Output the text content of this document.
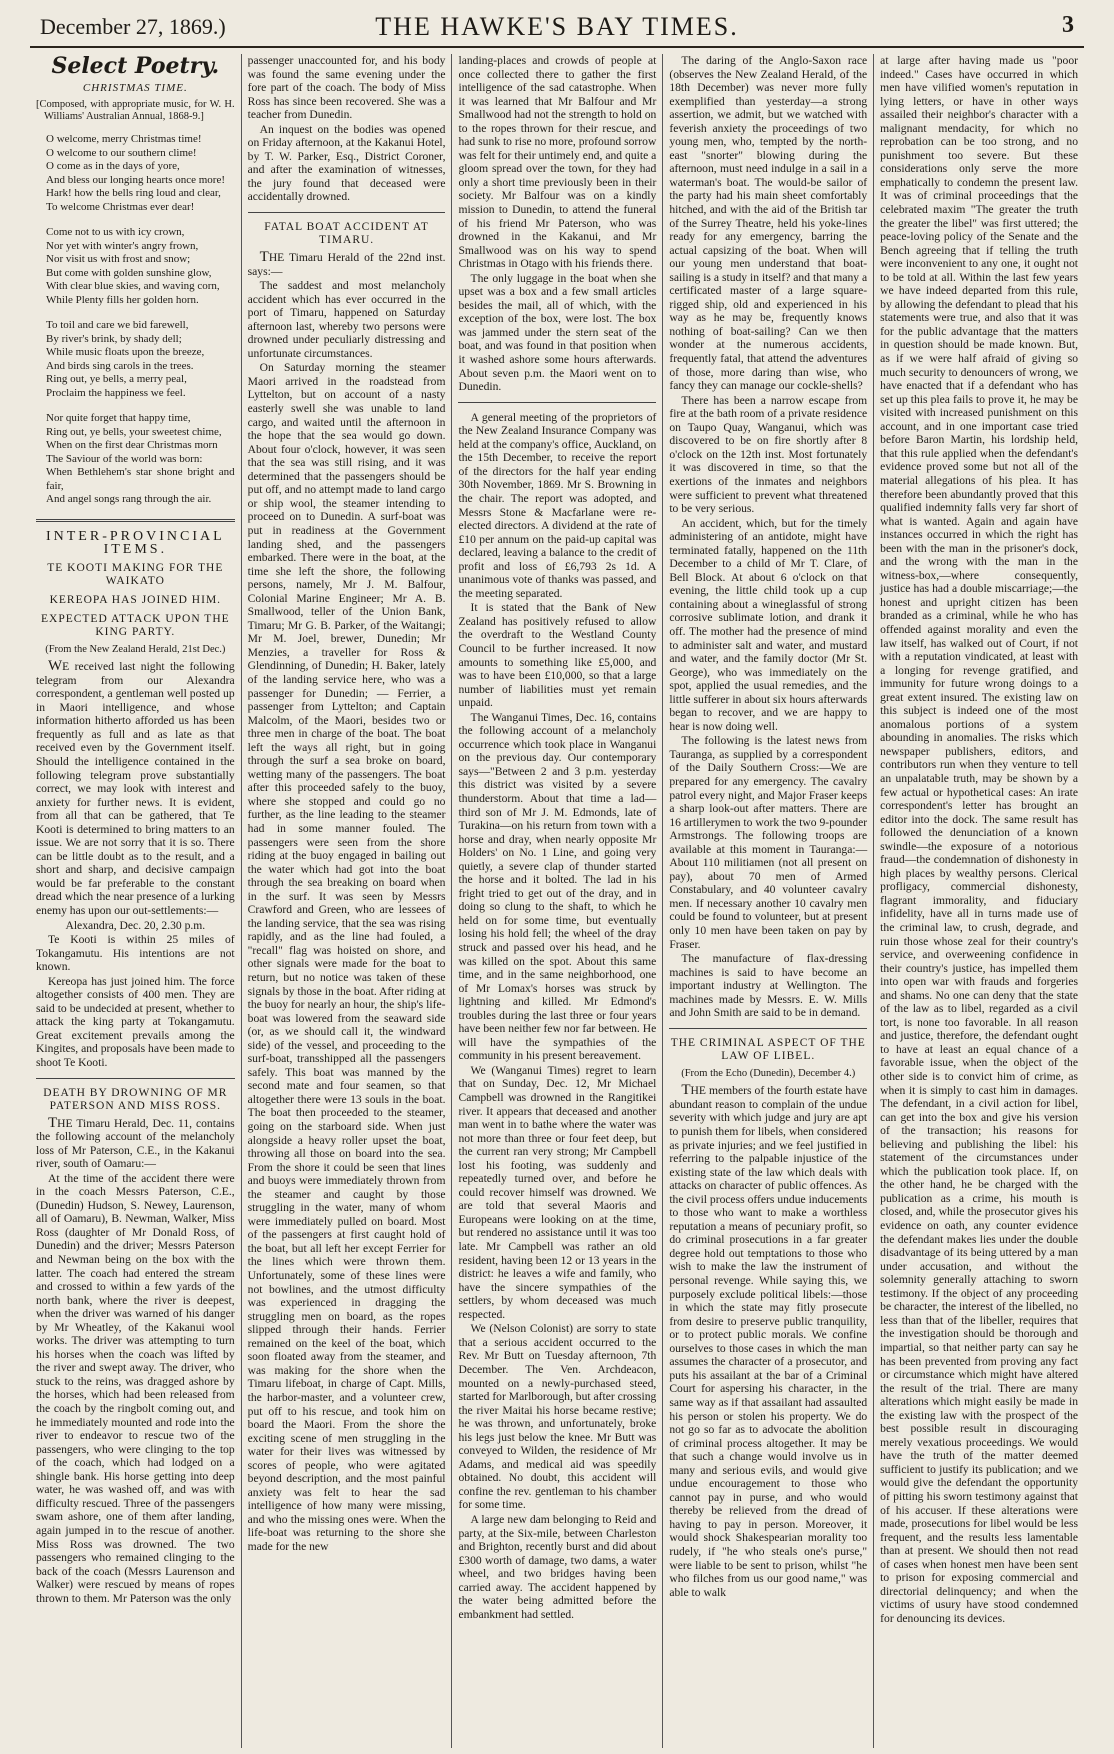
December 27, 1869.)	THE HAWKE'S BAY TIMES.	3
Select Poetry.
CHRISTMAS TIME.
[Composed, with appropriate music, for W. H. Williams' Australian Annual, 1868-9.]
O welcome, merry Christmas time!
O welcome to our southern clime!
O come as in the days of yore,
And bless our longing hearts once more!
Hark! how the bells ring loud and clear,
To welcome Christmas ever dear!
Come not to us with icy crown,
Nor yet with winter's angry frown,
Nor visit us with frost and snow;
But come with golden sunshine glow,
With clear blue skies, and waving corn,
While Plenty fills her golden horn.
To toil and care we bid farewell,
By river's brink, by shady dell;
While music floats upon the breeze,
And birds sing carols in the trees.
Ring out, ye bells, a merry peal,
Proclaim the happiness we feel.
Nor quite forget that happy time,
Ring out, ye bells, your sweetest chime,
When on the first dear Christmas morn
The Saviour of the world was born:
When Bethlehem's star shone bright and fair,
And angel songs rang through the air.
INTER-PROVINCIAL ITEMS.
TE KOOTI MAKING FOR THE WAIKATO
KEREOPA HAS JOINED HIM.
EXPECTED ATTACK UPON THE KING PARTY.
(From the New Zealand Herald, 21st Dec.)

WE received last night the following telegram from our Alexandra correspondent, a gentleman well posted up in Maori intelligence, and whose information hitherto afforded us has been frequently as full and as late as that received even by the Government itself. Should the intelligence contained in the following telegram prove substantially correct, we may look with interest and anxiety for further news. It is evident, from all that can be gathered, that Te Kooti is determined to bring matters to an issue. We are not sorry that it is so. There can be little doubt as to the result, and a short and sharp, and decisive campaign would be far preferable to the constant dread which the near presence of a lurking enemy has upon our out-settlements:—

Alexandra, Dec. 20, 2.30 p.m.

Te Kooti is within 25 miles of Tokangamutu. His intentions are not known.

Kereopa has just joined him. The force altogether consists of 400 men. They are said to be undecided at present, whether to attack the king party at Tokangamutu. Great excitement prevails among the Kingites, and proposals have been made to shoot Te Kooti.

DEATH BY DROWNING OF MR PATERSON AND MISS ROSS.

THE Timaru Herald, Dec. 11, contains the following account of the melancholy loss of Mr Paterson, C.E., in the Kakanui river, south of Oamaru:—

At the time of the accident there were in the coach Messrs Paterson, C.E., (Dunedin) Hudson, S. Newey, Laurenson, all of Oamaru), B. Newman, Walker, Miss Ross (daughter of Mr Donald Ross, of Dunedin) and the driver; Messrs Paterson and Newman being on the box with the latter. The coach had entered the stream and crossed to within a few yards of the north bank, where the river is deepest, when the driver was warned of his danger by Mr Wheatley, of the Kakanui wool works. The driver was attempting to turn his horses when the coach was lifted by the river and swept away. The driver, who stuck to the reins, was dragged ashore by the horses, which had been released from the coach by the ringbolt coming out, and he immediately mounted and rode into the river to endeavor to rescue two of the passengers, who were clinging to the top of the coach, which had lodged on a shingle bank. His horse getting into deep water, he was washed off, and was with difficulty rescued. Three of the passengers swam ashore, one of them after landing, again jumped in to the rescue of another. Miss Ross was drowned. The two passengers who remained clinging to the back of the coach (Messrs Laurenson and Walker) were rescued by means of ropes thrown to them. Mr Paterson was the only

passenger unaccounted for, and his body was found the same evening under the fore part of the coach. The body of Miss Ross has since been recovered. She was a teacher from Dunedin.

An inquest on the bodies was opened on Friday afternoon, at the Kakanui Hotel, by T. W. Parker, Esq., District Coroner, and after the examination of witnesses, the jury found that deceased were accidentally drowned.

FATAL BOAT ACCIDENT AT TIMARU.

THE Timaru Herald of the 22nd inst. says:—

The saddest and most melancholy accident which has ever occurred in the port of Timaru, happened on Saturday afternoon last, whereby two persons were drowned under peculiarly distressing and unfortunate circumstances.

On Saturday morning the steamer Maori arrived in the roadstead from Lyttelton, but on account of a nasty easterly swell she was unable to land cargo, and waited until the afternoon in the hope that the sea would go down. About four o'clock, however, it was seen that the sea was still rising, and it was determined that the passengers should be put off, and no attempt made to land cargo or ship wool, the steamer intending to proceed on to Dunedin. A surf-boat was put in readiness at the Government landing shed, and the passengers embarked. There were in the boat, at the time she left the shore, the following persons, namely, Mr J. M. Balfour, Colonial Marine Engineer; Mr A. B. Smallwood, teller of the Union Bank, Timaru; Mr G. B. Parker, of the Waitangi; Mr M. Joel, brewer, Dunedin; Mr Menzies, a traveller for Ross & Glendinning, of Dunedin; H. Baker, lately of the landing service here, who was a passenger for Dunedin; — Ferrier, a passenger from Lyttelton; and Captain Malcolm, of the Maori, besides two or three men in charge of the boat. The boat left the ways all right, but in going through the surf a sea broke on board, wetting many of the passengers. The boat after this proceeded safely to the buoy, where she stopped and could go no further, as the line leading to the steamer had in some manner fouled. The passengers were seen from the shore riding at the buoy engaged in bailing out the water which had got into the boat through the sea breaking on board when in the surf. It was seen by Messrs Crawford and Green, who are lessees of the landing service, that the sea was rising rapidly, and as the line had fouled, a "recall" flag was hoisted on shore, and other signals were made for the boat to return, but no notice was taken of these signals by those in the boat. After riding at the buoy for nearly an hour, the ship's life-boat was lowered from the seaward side (or, as we should call it, the windward side) of the vessel, and proceeding to the surf-boat, transshipped all the passengers safely. This boat was manned by the second mate and four seamen, so that altogether there were 13 souls in the boat. The boat then proceeded to the steamer, going on the starboard side. When just alongside a heavy roller upset the boat, throwing all those on board into the sea. From the shore it could be seen that lines and buoys were immediately thrown from the steamer and caught by those struggling in the water, many of whom were immediately pulled on board. Most of the passengers at first caught hold of the boat, but all left her except Ferrier for the lines which were thrown them. Unfortunately, some of these lines were not bowlines, and the utmost difficulty was experienced in dragging the struggling men on board, as the ropes slipped through their hands. Ferrier remained on the keel of the boat, which soon floated away from the steamer, and was making for the shore when the Timaru lifeboat, in charge of Capt. Mills, the harbor-master, and a volunteer crew, put off to his rescue, and took him on board the Maori. From the shore the exciting scene of men struggling in the water for their lives was witnessed by scores of people, who were agitated beyond description, and the most painful anxiety was felt to hear the sad intelligence of how many were missing, and who the missing ones were. When the life-boat was returning to the shore she made for the new

landing-places and crowds of people at once collected there to gather the first intelligence of the sad catastrophe. When it was learned that Mr Balfour and Mr Smallwood had not the strength to hold on to the ropes thrown for their rescue, and had sunk to rise no more, profound sorrow was felt for their untimely end, and quite a gloom spread over the town, for they had only a short time previously been in their society. Mr Balfour was on a kindly mission to Dunedin, to attend the funeral of his friend Mr Paterson, who was drowned in the Kakanui, and Mr Smallwood was on his way to spend Christmas in Otago with his friends there.

The only luggage in the boat when she upset was a box and a few small articles besides the mail, all of which, with the exception of the box, were lost. The box was jammed under the stern seat of the boat, and was found in that position when it washed ashore some hours afterwards. About seven p.m. the Maori went on to Dunedin.

A general meeting of the proprietors of the New Zealand Insurance Company was held at the company's office, Auckland, on the 15th December, to receive the report of the directors for the half year ending 30th November, 1869. Mr S. Browning in the chair. The report was adopted, and Messrs Stone & Macfarlane were re-elected directors. A dividend at the rate of £10 per annum on the paid-up capital was declared, leaving a balance to the credit of profit and loss of £6,793 2s 1d. A unanimous vote of thanks was passed, and the meeting separated.

It is stated that the Bank of New Zealand has positively refused to allow the overdraft to the Westland County Council to be further increased. It now amounts to something like £5,000, and was to have been £10,000, so that a large number of liabilities must yet remain unpaid.

The Wanganui Times, Dec. 16, contains the following account of a melancholy occurrence which took place in Wanganui on the previous day. Our contemporary says—"Between 2 and 3 p.m. yesterday this district was visited by a severe thunderstorm. About that time a lad—third son of Mr J. M. Edmonds, late of Turakina—on his return from town with a horse and dray, when nearly opposite Mr Holders' on No. 1 Line, and going very quietly, a severe clap of thunder started the horse and it bolted. The lad in his fright tried to get out of the dray, and in doing so clung to the shaft, to which he held on for some time, but eventually losing his hold fell; the wheel of the dray struck and passed over his head, and he was killed on the spot. About this same time, and in the same neighborhood, one of Mr Lomax's horses was struck by lightning and killed. Mr Edmond's troubles during the last three or four years have been neither few nor far between. He will have the sympathies of the community in his present bereavement.

We (Wanganui Times) regret to learn that on Sunday, Dec. 12, Mr Michael Campbell was drowned in the Rangitikei river. It appears that deceased and another man went in to bathe where the water was not more than three or four feet deep, but the current ran very strong; Mr Campbell lost his footing, was suddenly and repeatedly turned over, and before he could recover himself was drowned. We are told that several Maoris and Europeans were looking on at the time, but rendered no assistance until it was too late. Mr Campbell was rather an old resident, having been 12 or 13 years in the district: he leaves a wife and family, who have the sincere sympathies of the settlers, by whom deceased was much respected.

We (Nelson Colonist) are sorry to state that a serious accident occurred to the Rev. Mr Butt on Tuesday afternoon, 7th December. The Ven. Archdeacon, mounted on a newly-purchased steed, started for Marlborough, but after crossing the river Maitai his horse became restive; he was thrown, and unfortunately, broke his legs just below the knee. Mr Butt was conveyed to Wilden, the residence of Mr Adams, and medical aid was speedily obtained. No doubt, this accident will confine the rev. gentleman to his chamber for some time.

A large new dam belonging to Reid and party, at the Six-mile, between Charleston and Brighton, recently burst and did about £300 worth of damage, two dams, a water wheel, and two bridges having been carried away. The accident happened by the water being admitted before the embankment had settled.

The daring of the Anglo-Saxon race (observes the New Zealand Herald, of the 18th December) was never more fully exemplified than yesterday—a strong assertion, we admit, but we watched with feverish anxiety the proceedings of two young men, who, tempted by the north-east "snorter" blowing during the afternoon, must need indulge in a sail in a waterman's boat. The would-be sailor of the party had his main sheet comfortably hitched, and with the aid of the British tar of the Surrey Theatre, held his yoke-lines ready for any emergency, barring the actual capsizing of the boat. When will our young men understand that boat-sailing is a study in itself? and that many a certificated master of a large square-rigged ship, old and experienced in his way as he may be, frequently knows nothing of boat-sailing? Can we then wonder at the numerous accidents, frequently fatal, that attend the adventures of those, more daring than wise, who fancy they can manage our cockle-shells?

There has been a narrow escape from fire at the bath room of a private residence on Taupo Quay, Wanganui, which was discovered to be on fire shortly after 8 o'clock on the 12th inst. Most fortunately it was discovered in time, so that the exertions of the inmates and neighbors were sufficient to prevent what threatened to be very serious.

An accident, which, but for the timely administering of an antidote, might have terminated fatally, happened on the 11th December to a child of Mr T. Clare, of Bell Block. At about 6 o'clock on that evening, the little child took up a cup containing about a wineglassful of strong corrosive sublimate lotion, and drank it off. The mother had the presence of mind to administer salt and water, and mustard and water, and the family doctor (Mr St. George), who was immediately on the spot, applied the usual remedies, and the little sufferer in about six hours afterwards began to recover, and we are happy to hear is now doing well.

The following is the latest news from Tauranga, as supplied by a correspondent of the Daily Southern Cross:—We are prepared for any emergency. The cavalry patrol every night, and Major Fraser keeps a sharp look-out after matters. There are 16 artillerymen to work the two 9-pounder Armstrongs. The following troops are available at this moment in Tauranga:—About 110 militiamen (not all present on pay), about 70 men of Armed Constabulary, and 40 volunteer cavalry men. If necessary another 10 cavalry men could be found to volunteer, but at present only 10 men have been taken on pay by Fraser.

The manufacture of flax-dressing machines is said to have become an important industry at Wellington. The machines made by Messrs. E. W. Mills and John Smith are said to be in demand.

THE CRIMINAL ASPECT OF THE LAW OF LIBEL.
(From the Echo (Dunedin), December 4.)

THE members of the fourth estate have abundant reason to complain of the undue severity with which judge and jury are apt to punish them for libels, when considered as private injuries; and we feel justified in referring to the palpable injustice of the existing state of the law which deals with attacks on character of public offences. As the civil process offers undue inducements to those who want to make a worthless reputation a means of pecuniary profit, so do criminal prosecutions in a far greater degree hold out temptations to those who wish to make the law the instrument of personal revenge. While saying this, we purposely exclude political libels:—those in which the state may fitly prosecute from desire to preserve public tranquility, or to protect public morals. We confine ourselves to those cases in which the man assumes the character of a prosecutor, and puts his assailant at the bar of a Criminal Court for aspersing his character, in the same way as if that assailant had assaulted his person or stolen his property. We do not go so far as to advocate the abolition of criminal process altogether. It may be that such a change would involve us in many and serious evils, and would give undue encouragement to those who cannot pay in purse, and who would thereby be relieved from the dread of having to pay in person. Moreover, it would shock Shakespearian morality too rudely, if "he who steals one's purse," were liable to be sent to prison, whilst "he who filches from us our good name," was able to walk

at large after having made us "poor indeed." Cases have occurred in which men have vilified women's reputation in lying letters, or have in other ways assailed their neighbor's character with a malignant mendacity, for which no reprobation can be too strong, and no punishment too severe. But these considerations only serve the more emphatically to condemn the present law. It was of criminal proceedings that the celebrated maxim "The greater the truth the greater the libel" was first uttered; the peace-loving policy of the Senate and the Bench agreeing that if telling the truth were inconvenient to any one, it ought not to be told at all. Within the last few years we have indeed departed from this rule, by allowing the defendant to plead that his statements were true, and also that it was for the public advantage that the matters in question should be made known. But, as if we were half afraid of giving so much security to denouncers of wrong, we have enacted that if a defendant who has set up this plea fails to prove it, he may be visited with increased punishment on this account, and in one important case tried before Baron Martin, his lordship held, that this rule applied when the defendant's evidence proved some but not all of the material allegations of his plea. It has therefore been abundantly proved that this qualified indemnity falls very far short of what is wanted. Again and again have instances occurred in which the right has been with the man in the prisoner's dock, and the wrong with the man in the witness-box,—where consequently, justice has had a double miscarriage;—the honest and upright citizen has been branded as a criminal, while he who has offended against morality and even the law itself, has walked out of Court, if not with a reputation vindicated, at least with a longing for revenge gratified, and immunity for future wrong doings to a great extent insured. The existing law on this subject is indeed one of the most anomalous portions of a system abounding in anomalies. The risks which newspaper publishers, editors, and contributors run when they venture to tell an unpalatable truth, may be shown by a few actual or hypothetical cases: An irate correspondent's letter has brought an editor into the dock. The same result has followed the denunciation of a known swindle—the exposure of a notorious fraud—the condemnation of dishonesty in high places by wealthy persons. Clerical profligacy, commercial dishonesty, flagrant immorality, and fiduciary infidelity, have all in turns made use of the criminal law, to crush, degrade, and ruin those whose zeal for their country's service, and overweening confidence in their country's justice, has impelled them into open war with frauds and forgeries and shams. No one can deny that the state of the law as to libel, regarded as a civil tort, is none too favorable. In all reason and justice, therefore, the defendant ought to have at least an equal chance of a favorable issue, when the object of the other side is to convict him of crime, as when it is simply to cast him in damages. The defendant, in a civil action for libel, can get into the box and give his version of the transaction; his reasons for believing and publishing the libel: his statement of the circumstances under which the publication took place. If, on the other hand, he be charged with the publication as a crime, his mouth is closed, and, while the prosecutor gives his evidence on oath, any counter evidence the defendant makes lies under the double disadvantage of its being uttered by a man under accusation, and without the solemnity generally attaching to sworn testimony. If the object of any proceeding be character, the interest of the libelled, no less than that of the libeller, requires that the investigation should be thorough and impartial, so that neither party can say he has been prevented from proving any fact or circumstance which might have altered the result of the trial. There are many alterations which might easily be made in the existing law with the prospect of the best possible result in discouraging merely vexatious proceedings. We would have the truth of the matter deemed sufficient to justify its publication; and we would give the defendant the opportunity of pitting his sworn testimony against that of his accuser. If these alterations were made, prosecutions for libel would be less frequent, and the results less lamentable than at present. We should then not read of cases when honest men have been sent to prison for exposing commercial and directorial delinquency; and when the victims of usury have stood condemned for denouncing its devices.
